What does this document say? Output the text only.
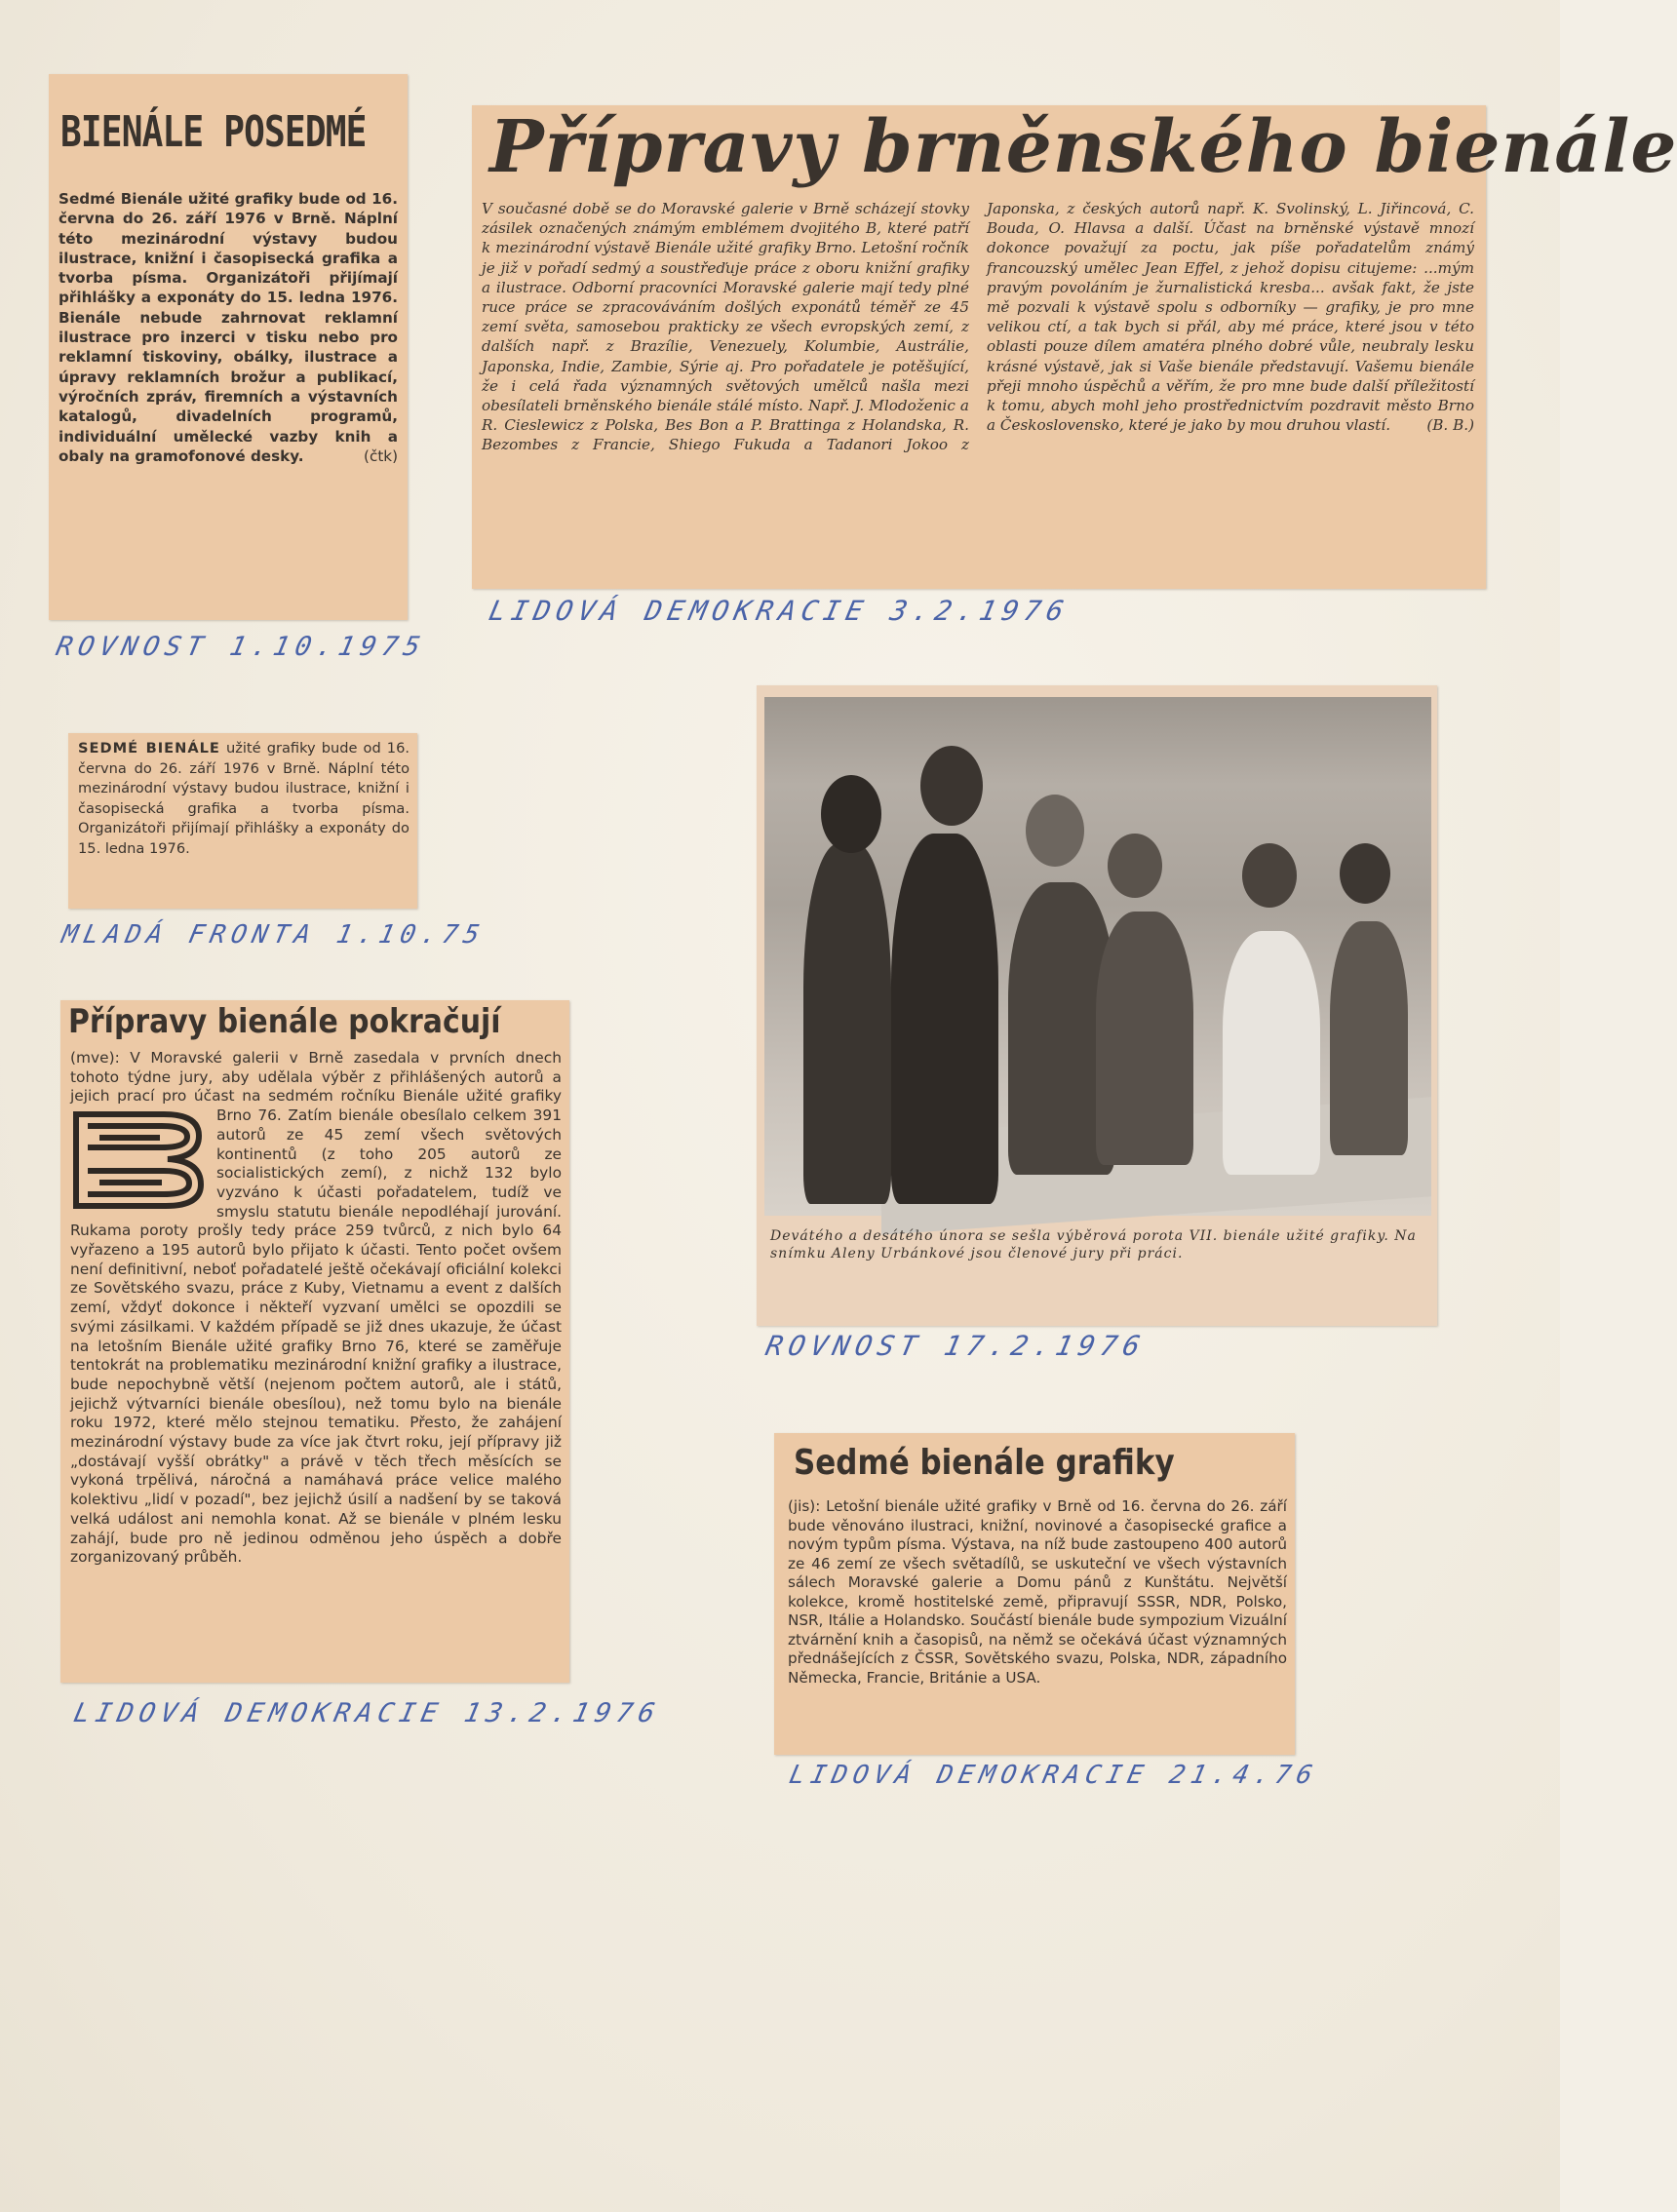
BIENÁLE POSEDMÉ
Sedmé Bienále užité grafiky bude od 16. června do 26. září 1976 v Brně. Náplní této mezinárodní výstavy budou ilustrace, knižní i časopisecká grafika a tvorba písma. Organizátoři přijímají přihlášky a exponáty do 15. ledna 1976. Bienále nebude zahrnovat reklamní ilustrace pro inzerci v tisku nebo pro reklamní tiskoviny, obálky, ilustrace a úpravy reklamních brožur a publikací, výročních zpráv, firemních a výstavních katalogů, divadelních programů, individuální umělecké vazby knih a obaly na gramofonové desky.	(čtk)
ROVNOST 1.10.1975
Přípravy brněnského bienále
V současné době se do Moravské galerie v Brně scházejí stovky zásilek označených známým emblémem dvojitého B, které patří k mezinárodní výstavě Bienále užité grafiky Brno. Letošní ročník je již v pořadí sedmý a soustřeďuje práce z oboru knižní grafiky a ilustrace. Odborní pracovníci Moravské galerie mají tedy plné ruce práce se zpracováváním došlých exponátů téměř ze 45 zemí světa, samosebou prakticky ze všech evropských zemí, z dalších např. z Brazílie, Venezuely, Kolumbie, Austrálie, Japonska, Indie, Zambie, Sýrie aj. Pro pořadatele je potěšující, že i celá řada významných světových umělců našla mezi obesílateli brněnského bienále stálé místo. Např. J. Mlodoženic a R. Cieslewicz z Polska, Bes Bon a P. Brattinga z Holandska, R. Bezombes z Francie, Shiego Fukuda a Tadanori Jokoo z Japonska, z českých autorů např. K. Svolinský, L. Jiřincová, C. Bouda, O. Hlavsa a další. Účast na brněnské výstavě mnozí dokonce považují za poctu, jak píše pořadatelům známý francouzský umělec Jean Effel, z jehož dopisu citujeme: ...mým pravým povoláním je žurnalistická kresba... avšak fakt, že jste mě pozvali k výstavě spolu s odborníky — grafiky, je pro mne velikou ctí, a tak bych si přál, aby mé práce, které jsou v této oblasti pouze dílem amatéra plného dobré vůle, neubraly lesku krásné výstavě, jak si Vaše bienále představují. Vašemu bienále přeji mnoho úspěchů a věřím, že pro mne bude další příležitostí k tomu, abych mohl jeho prostřednictvím pozdravit město Brno a Československo, které je jako by mou druhou vlastí. (B. B.)
LIDOVÁ DEMOKRACIE 3.2.1976
SEDMÉ BIENÁLE užité grafiky bude od 16. června do 26. září 1976 v Brně. Náplní této mezinárodní výstavy budou ilustrace, knižní i časopisecká grafika a tvorba písma. Organizátoři přijímají přihlášky a exponáty do 15. ledna 1976.
MLADÁ FRONTA 1.10.75
Přípravy bienále pokračují
(mve): V Moravské galerii v Brně zasedala v prvních dnech tohoto týdne jury, aby udělala výběr z přihlášených autorů a jejich prací pro účast na sedmém ročníku Bienále užité grafiky Brno 76. Zatím bienále obesílalo celkem 391 autorů ze 45 zemí všech světových kontinentů (z toho 205 autorů ze socialistických zemí), z nichž 132 bylo vyzváno k účasti pořadatelem, tudíž ve smyslu statutu bienále nepodléhají jurování. Rukama poroty prošly tedy práce 259 tvůrců, z nich bylo 64 vyřazeno a 195 autorů bylo přijato k účasti. Tento počet ovšem není definitivní, neboť pořadatelé ještě očekávají oficiální kolekci ze Sovětského svazu, práce z Kuby, Vietnamu a event z dalších zemí, vždyť dokonce i někteří vyzvaní umělci se opozdili se svými zásilkami. V každém případě se již dnes ukazuje, že účast na letošním Bienále užité grafiky Brno 76, které se zaměřuje tentokrát na problematiku mezinárodní knižní grafiky a ilustrace, bude nepochybně větší (nejenom počtem autorů, ale i států, jejichž výtvarníci bienále obesílou), než tomu bylo na bienále roku 1972, které mělo stejnou tematiku. Přesto, že zahájení mezinárodní výstavy bude za více jak čtvrt roku, její přípravy již „dostávají vyšší obrátky" a právě v těch třech měsících se vykoná trpělivá, náročná a namáhavá práce velice malého kolektivu „lidí v pozadí", bez jejichž úsilí a nadšení by se taková velká událost ani nemohla konat. Až se bienále v plném lesku zahájí, bude pro ně jedinou odměnou jeho úspěch a dobře zorganizovaný průběh.
LIDOVÁ DEMOKRACIE 13.2.1976
Devátého a desátého února se sešla výběrová porota VII. bienále užité grafiky. Na snímku Aleny Urbánkové jsou členové jury při práci.
ROVNOST 17.2.1976
Sedmé bienále grafiky
(jis): Letošní bienále užité grafiky v Brně od 16. června do 26. září bude věnováno ilustraci, knižní, novinové a časopisecké grafice a novým typům písma. Výstava, na níž bude zastoupeno 400 autorů ze 46 zemí ze všech světadílů, se uskuteční ve všech výstavních sálech Moravské galerie a Domu pánů z Kunštátu. Největší kolekce, kromě hostitelské země, připravují SSSR, NDR, Polsko, NSR, Itálie a Holandsko. Součástí bienále bude sympozium Vizuální ztvárnění knih a časopisů, na němž se očekává účast významných přednášejících z ČSSR, Sovětského svazu, Polska, NDR, západního Německa, Francie, Británie a USA.
LIDOVÁ DEMOKRACIE 21.4.76
